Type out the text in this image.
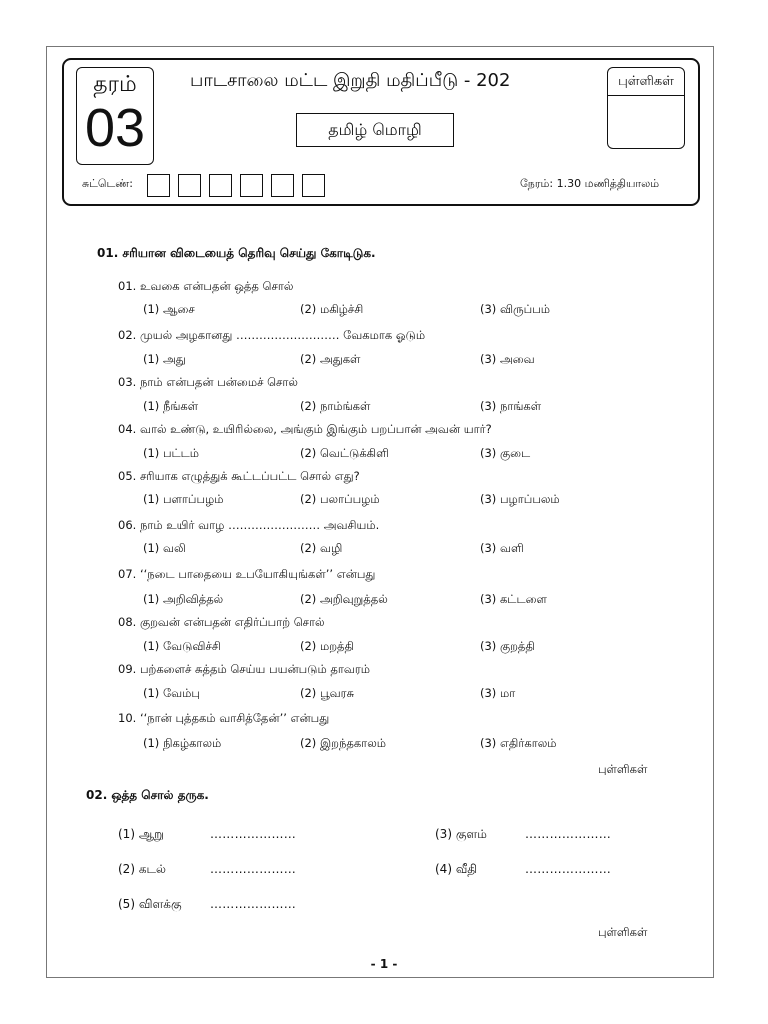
தரம்
03
பாடசாலை மட்ட இறுதி மதிப்பீடு - 202
தமிழ் மொழி
புள்ளிகள்
சுட்டெண்:	நேரம்: 1.30 மணித்தியாலம்
01. சரியான விடையைத் தெரிவு செய்து கோடிடுக.
01. உவகை என்பதன் ஒத்த சொல்
(1) ஆசை	(2) மகிழ்ச்சி	(3) விருப்பம்
02. முயல் அழகானது ……………………… வேகமாக ஓடும்
(1) அது	(2) அதுகள்	(3) அவை
03. நாம் என்பதன் பன்மைச் சொல்
(1) நீங்கள்	(2) நாம்ங்கள்	(3) நாங்கள்
04. வால் உண்டு, உயிரில்லை, அங்கும் இங்கும் பறப்பான் அவன் யார்?
(1) பட்டம்	(2) வெட்டுக்கிளி	(3) குடை
05. சரியாக எழுத்துக் கூட்டப்பட்ட சொல் எது?
(1) பளாப்பழம்	(2) பலாப்பழம்	(3) பழாப்பலம்
06. நாம் உயிர் வாழ …………………… அவசியம்.
(1) வலி	(2) வழி	(3) வளி
07. ‘‘நடை பாதையை உபயோகியுங்கள்’’ என்பது
(1) அறிவித்தல்	(2) அறிவுறுத்தல்	(3) கட்டளை
08. குறவன் என்பதன் எதிர்ப்பாற் சொல்
(1) வேடுவிச்சி	(2) மறத்தி	(3) குறத்தி
09. பற்களைச் சுத்தம் செய்ய பயன்படும் தாவரம்
(1) வேம்பு	(2) பூவரசு	(3) மா
10. ‘‘நான் புத்தகம் வாசித்தேன்’’ என்பது
(1) நிகழ்காலம்	(2) இறந்தகாலம்	(3) எதிர்காலம்
புள்ளிகள்
02. ஒத்த சொல் தருக.
(1) ஆறு	…………………	(3) குளம்	…………………
(2) கடல்	…………………	(4) வீதி	…………………
(5) விளக்கு …………………
புள்ளிகள்
- 1 -
